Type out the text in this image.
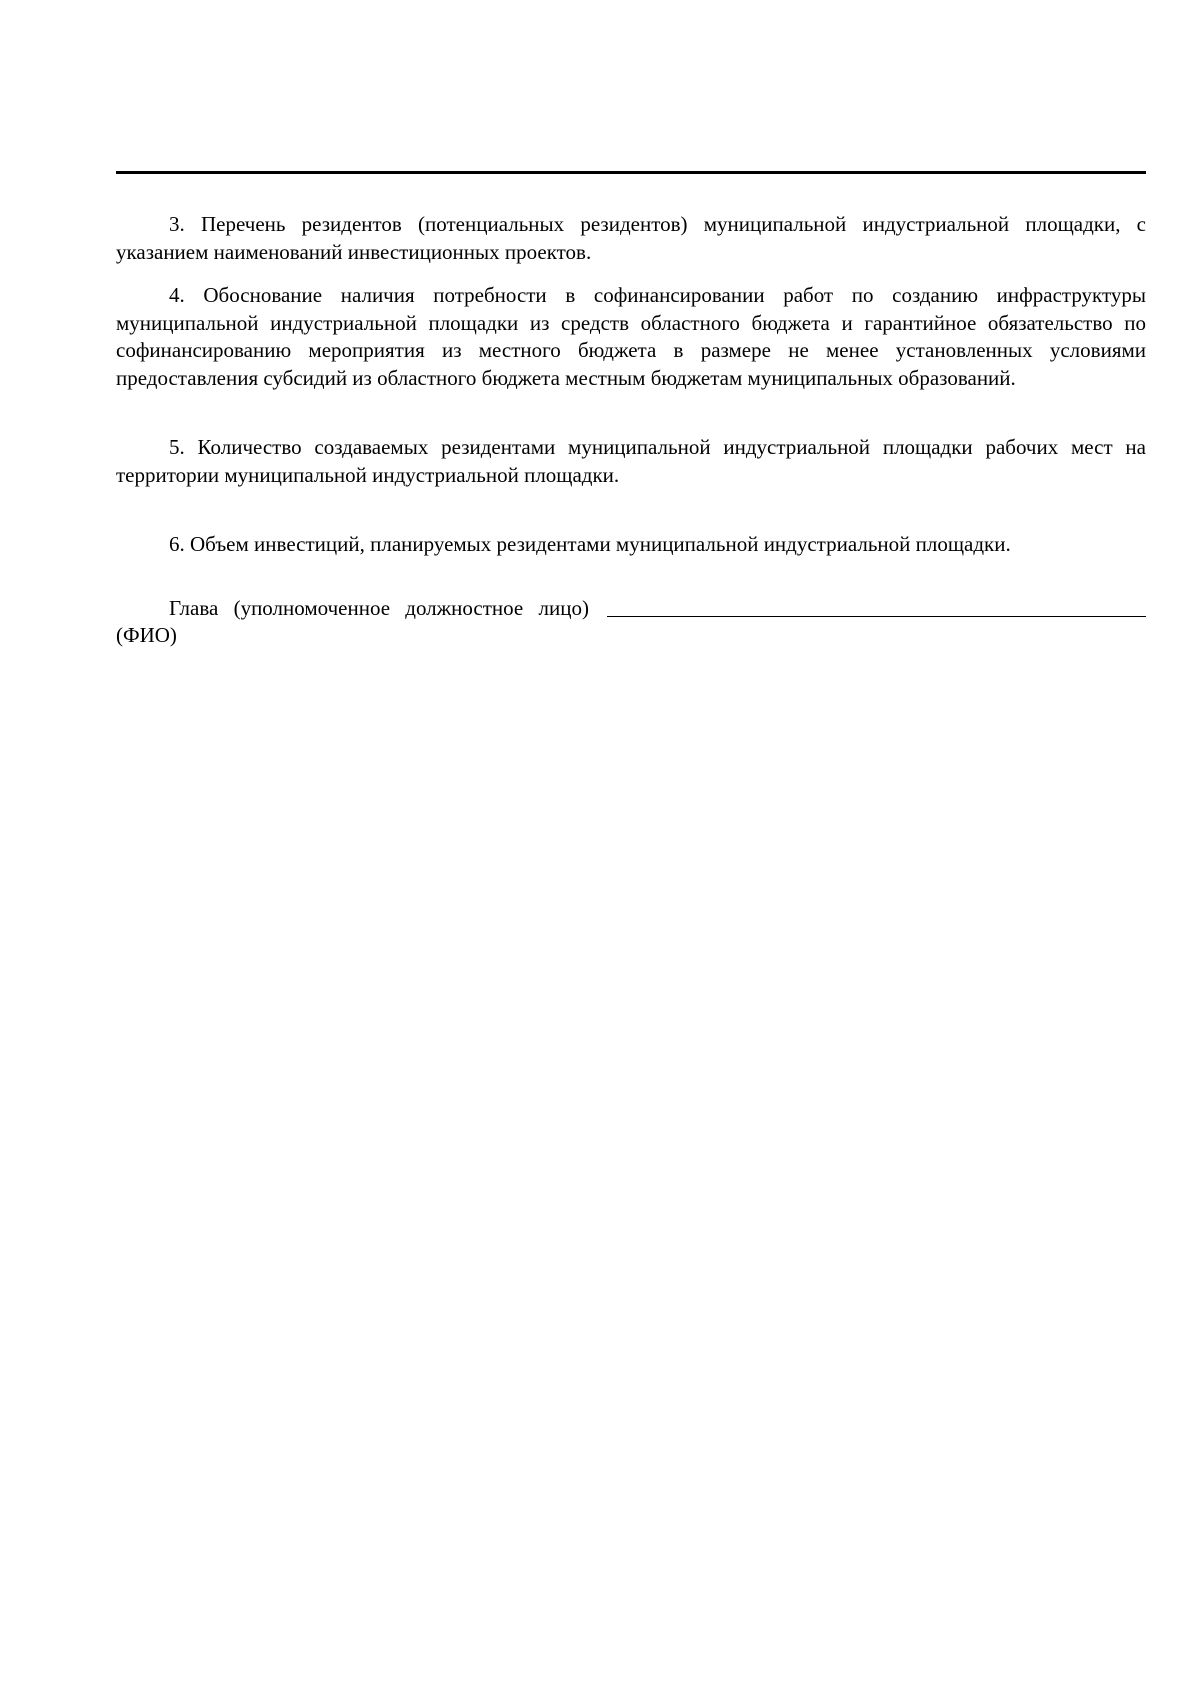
3. Перечень резидентов (потенциальных резидентов) муниципальной индустриальной площадки, с указанием наименований инвестиционных проектов.

4. Обоснование наличия потребности в софинансировании работ по созданию инфраструктуры муниципальной индустриальной площадки из средств областного бюджета и гарантийное обязательство по софинансированию мероприятия из местного бюджета в размере не менее установленных условиями предоставления субсидий из областного бюджета местным бюджетам муниципальных образований.

5. Количество создаваемых резидентами муниципальной индустриальной площадки рабочих мест на территории муниципальной индустриальной площадки.

6. Объем инвестиций, планируемых резидентами муниципальной индустриальной площадки.

Глава (уполномоченное должностное лицо)

(ФИО)
